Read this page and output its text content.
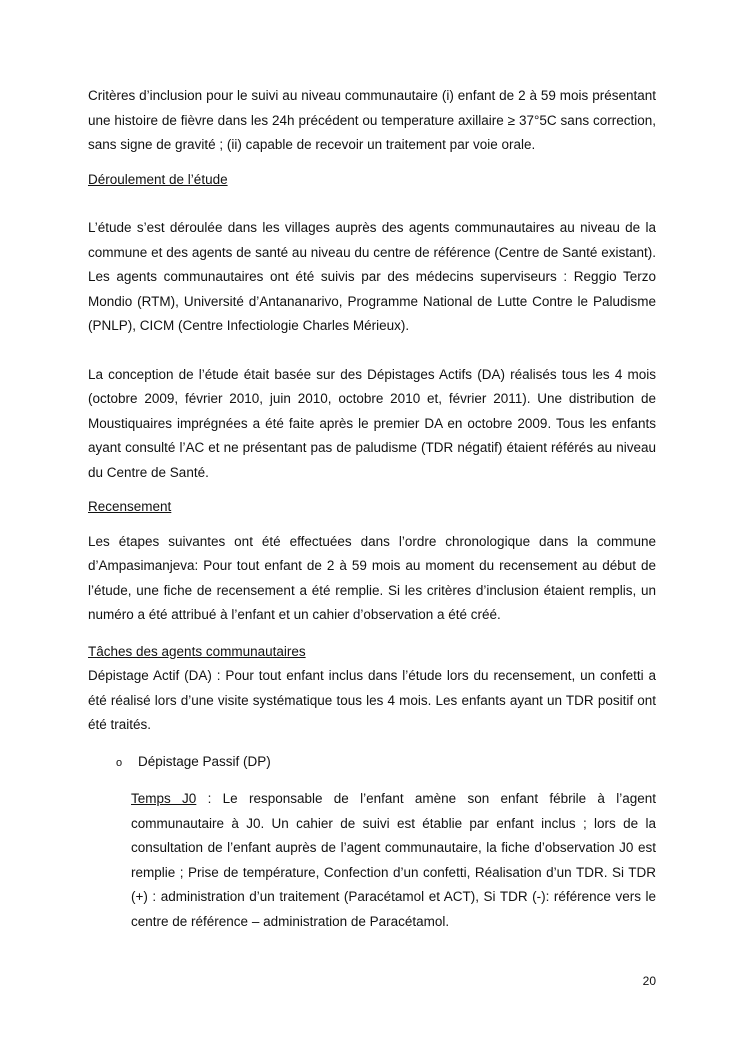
Critères d’inclusion pour le suivi au niveau communautaire (i) enfant de 2 à 59 mois présentant une histoire de fièvre dans les 24h précédent ou temperature axillaire ≥ 37°5C sans correction, sans signe de gravité ; (ii) capable de recevoir un traitement par voie orale.

Déroulement de l’étude

L’étude s’est déroulée dans les villages auprès des agents communautaires au niveau de la commune et des agents de santé au niveau du centre de référence (Centre de Santé existant). Les agents communautaires ont été suivis par des médecins superviseurs : Reggio Terzo Mondio (RTM), Université d’Antananarivo, Programme National de Lutte Contre le Paludisme (PNLP), CICM (Centre Infectiologie Charles Mérieux).

La conception de l’étude était basée sur des Dépistages Actifs (DA) réalisés tous les 4 mois (octobre 2009, février 2010, juin 2010, octobre 2010 et, février 2011). Une distribution de Moustiquaires imprégnées a été faite après le premier DA en octobre 2009. Tous les enfants ayant consulté l’AC et ne présentant pas de paludisme (TDR négatif) étaient référés au niveau du Centre de Santé.

Recensement

Les étapes suivantes ont été effectuées dans l’ordre chronologique dans la commune d’Ampasimanjeva: Pour tout enfant de 2 à 59 mois au moment du recensement au début de l’étude, une fiche de recensement a été remplie. Si les critères d’inclusion étaient remplis, un numéro a été attribué à l’enfant et un cahier d’observation a été créé.

Tâches des agents communautaires

Dépistage Actif (DA) : Pour tout enfant inclus dans l’étude lors du recensement, un confetti a été réalisé lors d’une visite systématique tous les 4 mois. Les enfants ayant un TDR positif ont été traités.

o	Dépistage Passif (DP)

Temps J0 : Le responsable de l’enfant amène son enfant fébrile à l’agent communautaire à J0. Un cahier de suivi est établie par enfant inclus ; lors de la consultation de l’enfant auprès de l’agent communautaire, la fiche d’observation J0 est remplie ; Prise de température, Confection d’un confetti, Réalisation d’un TDR. Si TDR (+) : administration d’un traitement (Paracétamol et ACT), Si TDR (-): référence vers le centre de référence – administration de Paracétamol.

20
